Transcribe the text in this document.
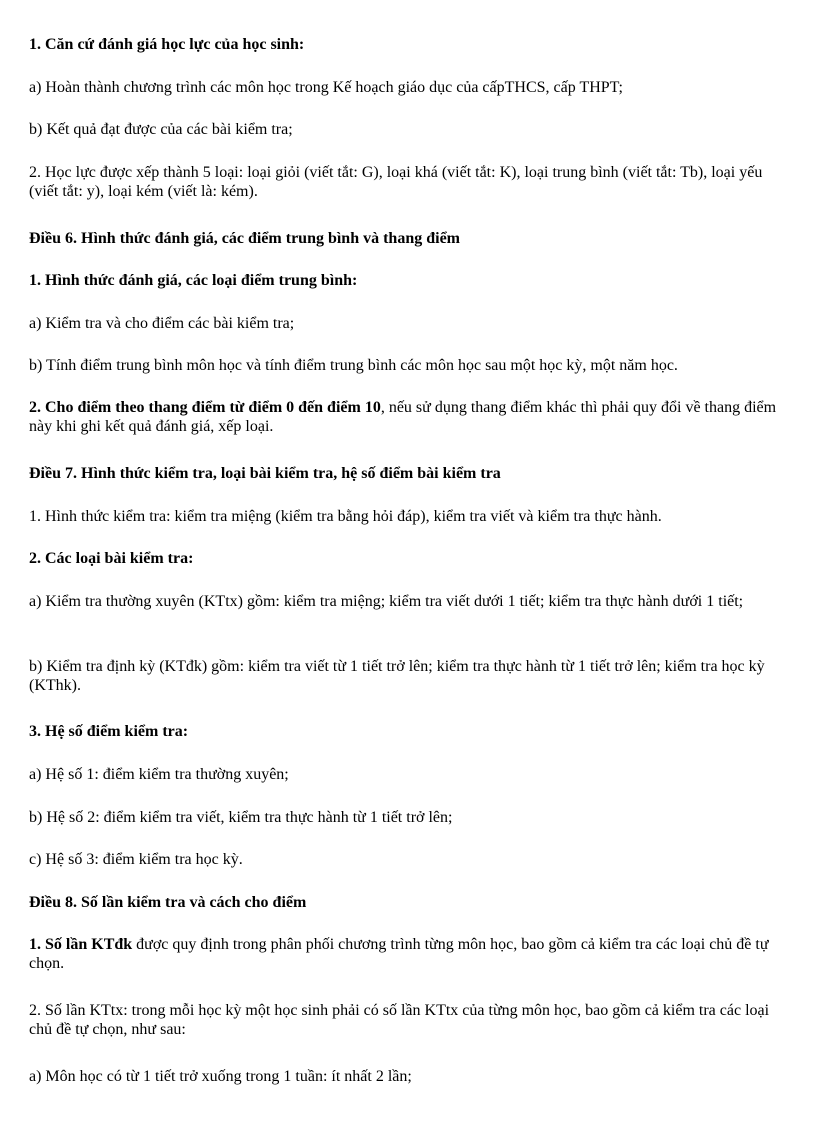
1. Căn cứ đánh giá học lực của học sinh:

a) Hoàn thành chương trình các môn học trong Kế hoạch giáo dục của cấpTHCS, cấp THPT;

b) Kết quả đạt được của các bài kiểm tra;

2. Học lực được xếp thành 5 loại: loại giỏi (viết tắt: G), loại khá (viết tắt: K), loại trung bình (viết tắt: Tb), loại yếu (viết tắt: y), loại kém (viết là: kém).

Điều 6. Hình thức đánh giá, các điểm trung bình và thang điểm

1. Hình thức đánh giá, các loại điểm trung bình:

a) Kiểm tra và cho điểm các bài kiểm tra;

b) Tính điểm trung bình môn học và tính điểm trung bình các môn học sau một học kỳ, một năm học.

2. Cho điểm theo thang điểm từ điểm 0 đến điểm 10, nếu sử dụng thang điểm khác thì phải quy đổi về thang điểm này khi ghi kết quả đánh giá, xếp loại.

Điều 7. Hình thức kiểm tra, loại bài kiểm tra, hệ số điểm bài kiểm tra

1. Hình thức kiểm tra: kiểm tra miệng (kiểm tra bằng hỏi đáp), kiểm tra viết và kiểm tra thực hành.

2. Các loại bài kiểm tra:

a) Kiểm tra thường xuyên (KTtx) gồm: kiểm tra miệng; kiểm tra viết dưới 1 tiết; kiểm tra thực hành dưới 1 tiết;

b) Kiểm tra định kỳ (KTđk) gồm: kiểm tra viết từ 1 tiết trở lên; kiểm tra thực hành từ 1 tiết trở lên; kiểm tra học kỳ (KThk).

3. Hệ số điểm kiểm tra:

a) Hệ số 1: điểm kiểm tra thường xuyên;

b) Hệ số 2: điểm kiểm tra viết, kiểm tra thực hành từ 1 tiết trở lên;

c) Hệ số 3: điểm kiểm tra học kỳ.

Điều 8. Số lần kiểm tra và cách cho điểm

1. Số lần KTđk được quy định trong phân phối chương trình từng môn học, bao gồm cả kiểm tra các loại chủ đề tự chọn.

2. Số lần KTtx: trong mỗi học kỳ một học sinh phải có số lần KTtx của từng môn học, bao gồm cả kiểm tra các loại chủ đề tự chọn, như sau:

a) Môn học có từ 1 tiết trở xuống trong 1 tuần: ít nhất 2 lần;
